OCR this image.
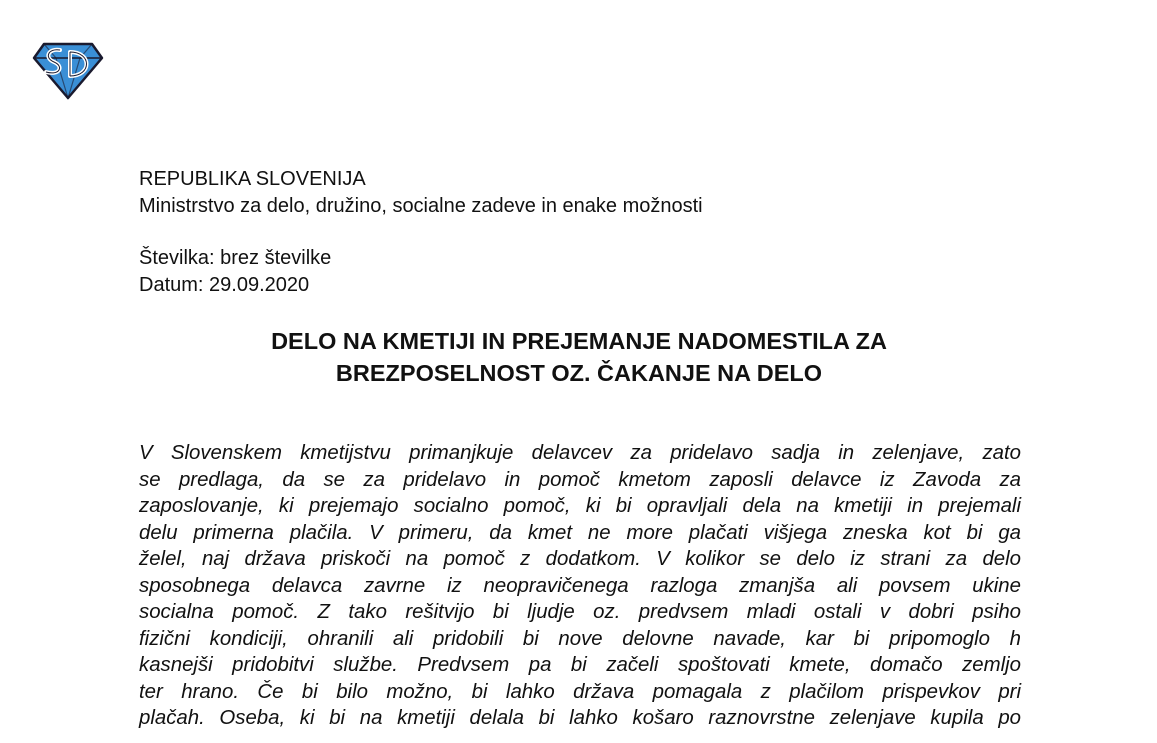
REPUBLIKA SLOVENIJA
Ministrstvo za delo, družino, socialne zadeve in enake možnosti
Številka: brez številke
Datum: 29.09.2020
DELO NA KMETIJI IN PREJEMANJE NADOMESTILA ZA
BREZPOSELNOST OZ. ČAKANJE NA DELO
V Slovenskem kmetijstvu primanjkuje delavcev za pridelavo sadja in zelenjave, zato
se predlaga, da se za pridelavo in pomoč kmetom zaposli delavce iz Zavoda za
zaposlovanje, ki prejemajo socialno pomoč, ki bi opravljali dela na kmetiji in prejemali
delu primerna plačila. V primeru, da kmet ne more plačati višjega zneska kot bi ga
želel, naj država priskoči na pomoč z dodatkom. V kolikor se delo iz strani za delo
sposobnega delavca zavrne iz neopravičenega razloga zmanjša ali povsem ukine
socialna pomoč. Z tako rešitvijo bi ljudje oz. predvsem mladi ostali v dobri psiho
fizični kondiciji, ohranili ali pridobili bi nove delovne navade, kar bi pripomoglo h
kasnejši pridobitvi službe. Predvsem pa bi začeli spoštovati kmete, domačo zemljo
ter hrano. Če bi bilo možno, bi lahko država pomagala z plačilom prispevkov pri
plačah. Oseba, ki bi na kmetiji delala bi lahko košaro raznovrstne zelenjave kupila po
